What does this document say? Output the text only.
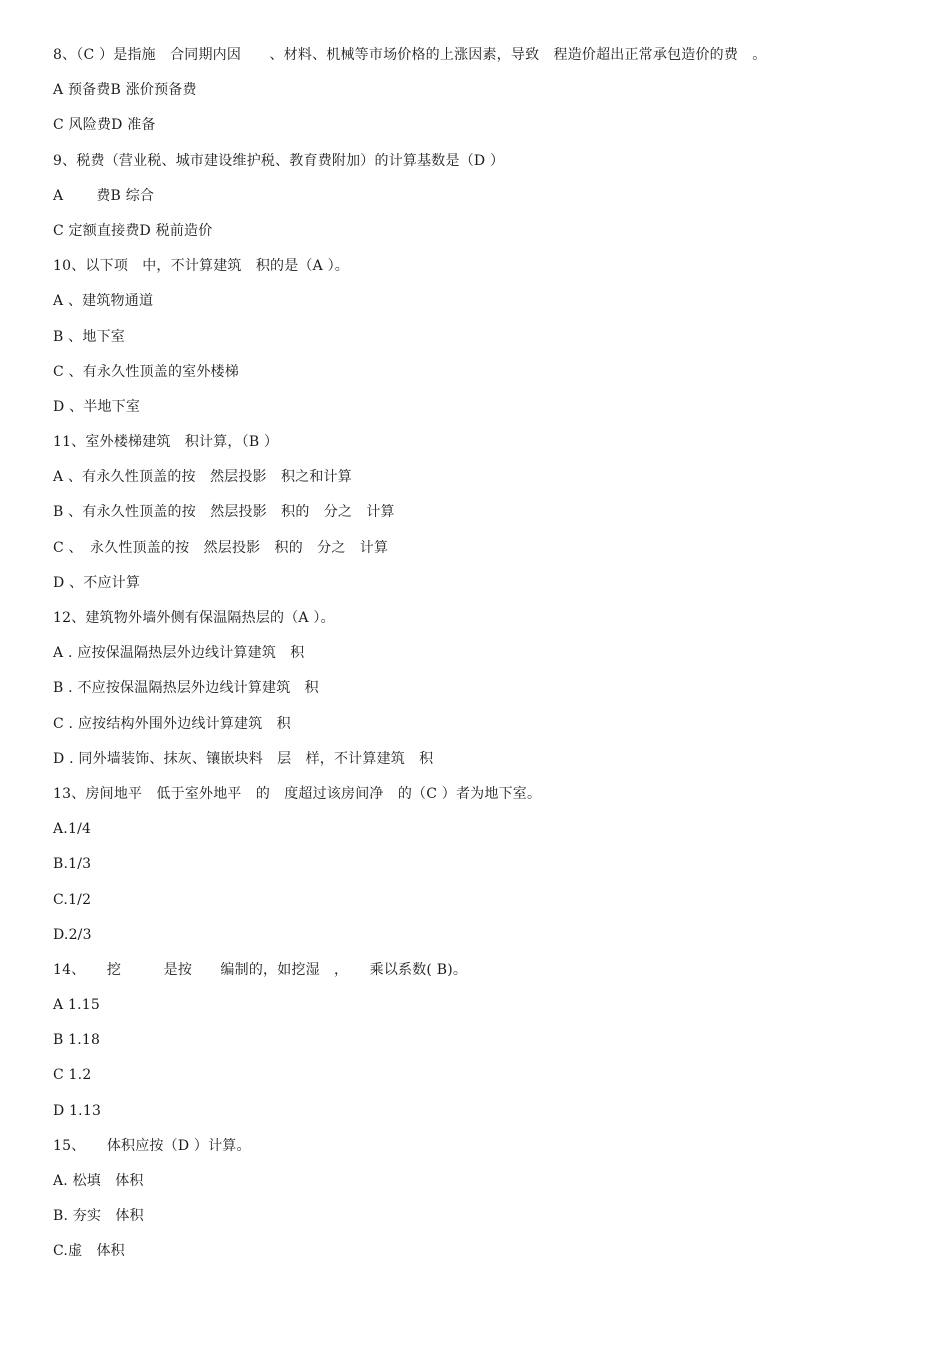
8、（C ）是指施　合同期内因　　、材料、机械等市场价格的上涨因素，导致　程造价超出正常承包造价的费　。
A 预备费B 涨价预备费
C 风险费D 准备
9、税费（营业税、城市建设维护税、教育费附加）的计算基数是（D ）
A 　　费B 综合
C 定额直接费D 税前造价
10、以下项　中，不计算建筑　积的是（A ）。
A 、建筑物通道
B 、地下室
C 、有永久性顶盖的室外楼梯
D 、半地下室
11、室外楼梯建筑　积计算，（B ）
A 、有永久性顶盖的按　然层投影　积之和计算
B 、有永久性顶盖的按　然层投影　积的　分之　计算
C 、　永久性顶盖的按　然层投影　积的　分之　计算
D 、不应计算
12、建筑物外墙外侧有保温隔热层的（A ）。
A . 应按保温隔热层外边线计算建筑　积
B . 不应按保温隔热层外边线计算建筑　积
C . 应按结构外围外边线计算建筑　积
D . 同外墙装饰、抹灰、镶嵌块料　层　样，不计算建筑　积
13、房间地平　低于室外地平　的　度超过该房间净　的（C ）者为地下室。
A.1/4
B.1/3
C.1/2
D.2/3
14、　　挖　　　是按　　编制的，如挖湿　，　　乘以系数( B)。
A 1.15
B 1.18
C 1.2
D 1.13
15、　　体积应按（D ）计算。
A. 松填　体积
B. 夯实　体积
C.虚　体积
